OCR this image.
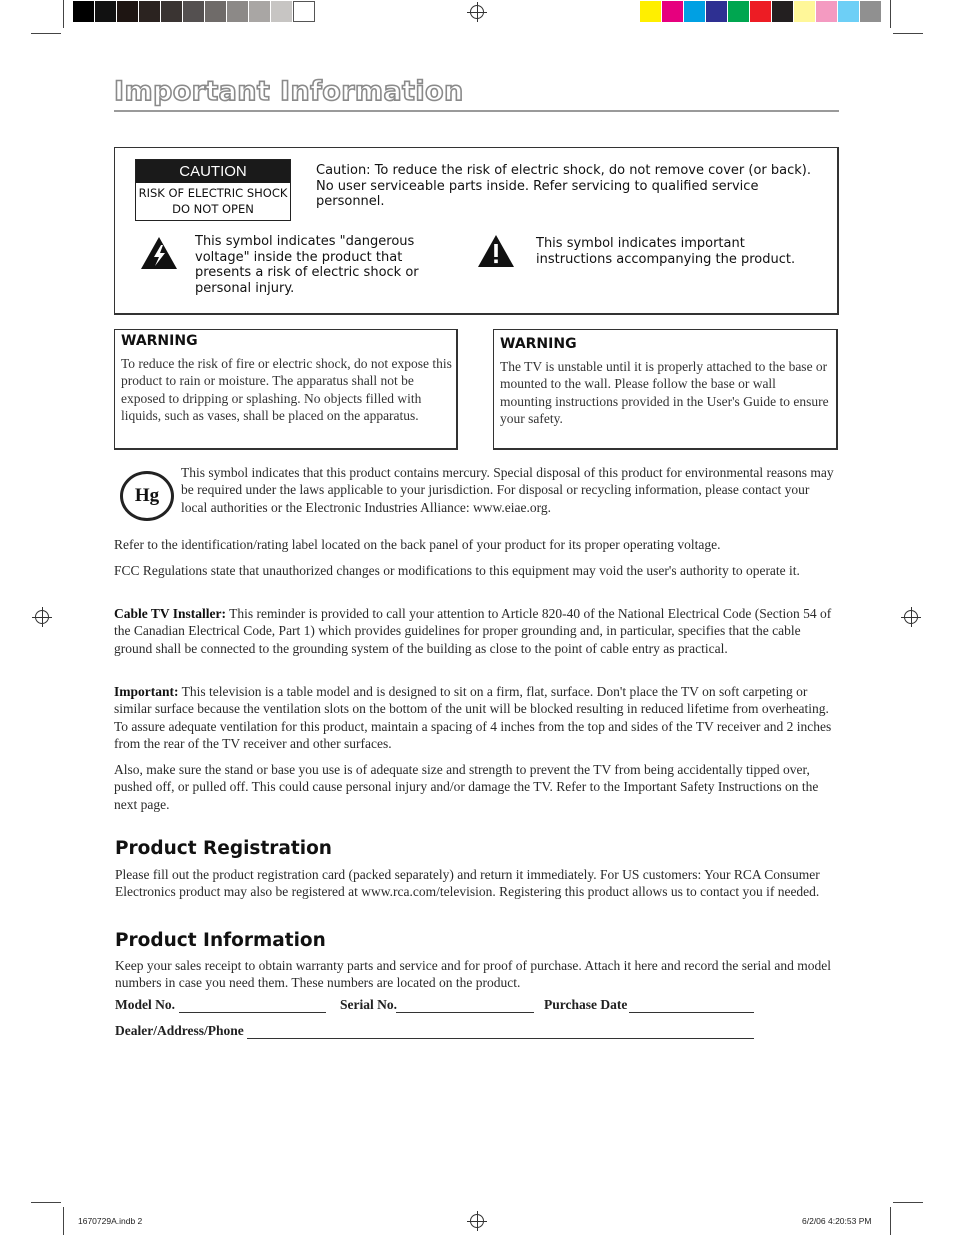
Important Information
CAUTION
RISK OF ELECTRIC SHOCK
DO NOT OPEN
Caution: To reduce the risk of electric shock, do not remove cover (or back). No user serviceable parts inside. Refer servicing to qualified service personnel.
This symbol indicates "dangerous voltage" inside the product that presents a risk of electric shock or personal injury.
This symbol indicates important instructions accompanying the product.
WARNING
To reduce the risk of fire or electric shock, do not expose this product to rain or moisture. The apparatus shall not be exposed to dripping or splashing. No objects filled with liquids, such as vases, shall be placed on the apparatus.
WARNING
The TV is unstable until it is properly attached to the base or mounted to the wall. Please follow the base or wall mounting instructions provided in the User's Guide to ensure your safety.
Hg
This symbol indicates that this product contains mercury. Special disposal of this product for environmental reasons may be required under the laws applicable to your jurisdiction. For disposal or recycling information, please contact your local authorities or the Electronic Industries Alliance: www.eiae.org.
Refer to the identification/rating label located on the back panel of your product for its proper operating voltage.
FCC Regulations state that unauthorized changes or modifications to this equipment may void the user's authority to operate it.
Cable TV Installer: This reminder is provided to call your attention to Article 820-40 of the National Electrical Code (Section 54 of the Canadian Electrical Code, Part 1) which provides guidelines for proper grounding and, in particular, specifies that the cable ground shall be connected to the grounding system of the building as close to the point of cable entry as practical.
Important: This television is a table model and is designed to sit on a firm, flat, surface. Don't place the TV on soft carpeting or similar surface because the ventilation slots on the bottom of the unit will be blocked resulting in reduced lifetime from overheating. To assure adequate ventilation for this product, maintain a spacing of 4 inches from the top and sides of the TV receiver and 2 inches from the rear of the TV receiver and other surfaces.
Also, make sure the stand or base you use is of adequate size and strength to prevent the TV from being accidentally tipped over, pushed off, or pulled off. This could cause personal injury and/or damage the TV. Refer to the Important Safety Instructions on the next page.
Product Registration
Please fill out the product registration card (packed separately) and return it immediately. For US customers: Your RCA Consumer Electronics product may also be registered at www.rca.com/television. Registering this product allows us to contact you if needed.
Product Information
Keep your sales receipt to obtain warranty parts and service and for proof of purchase. Attach it here and record the serial and model numbers in case you need them. These numbers are located on the product.
Model No.	Serial No.	Purchase Date
Dealer/Address/Phone
1670729A.indb 2	6/2/06 4:20:53 PM
